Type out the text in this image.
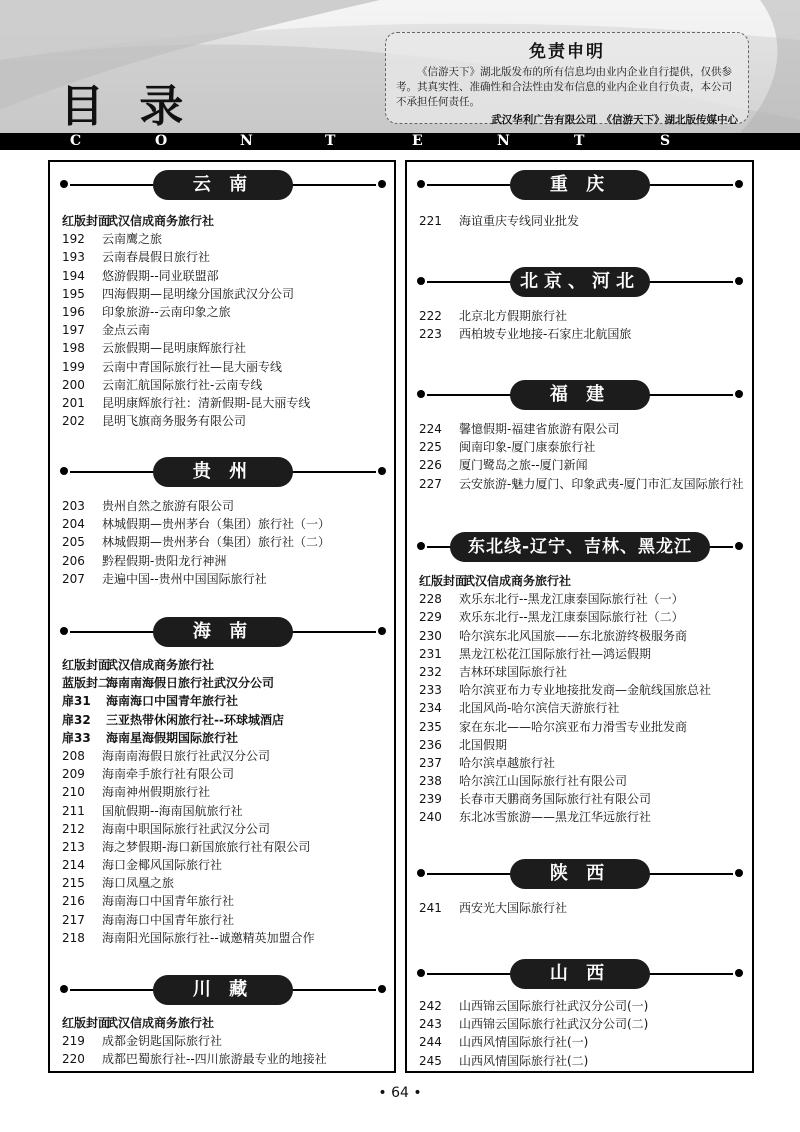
目 录
免责申明
《信游天下》湖北版发布的所有信息均由业内企业自行提供，仅供参考。其真实性、准确性和合法性由发布信息的业内企业自行负责，本公司不承担任何责任。
武汉华利广告有限公司　《信游天下》湖北版传媒中心
C	O	N	T	E	N	T	S
云 南
红版封面武汉信成商务旅行社
192 云南鹰之旅
193 云南春晨假日旅行社
194 悠游假期--同业联盟部
195 四海假期—昆明缘分国旅武汉分公司
196 印象旅游--云南印象之旅
197 金点云南
198 云旅假期—昆明康辉旅行社
199 云南中青国际旅行社—昆大丽专线
200 云南汇航国际旅行社-云南专线
201 昆明康辉旅行社：清新假期-昆大丽专线
202 昆明飞旗商务服务有限公司
贵 州
203 贵州自然之旅游有限公司
204 林城假期—贵州茅台（集团）旅行社（一）
205 林城假期—贵州茅台（集团）旅行社（二）
206 黔程假期-贵阳龙行神洲
207 走遍中国--贵州中国国际旅行社
海 南
红版封面武汉信成商务旅行社
蓝版封二海南南海假日旅行社武汉分公司
扉31 海南海口中国青年旅行社
扉32 三亚热带休闲旅行社--环球城酒店
扉33 海南星海假期国际旅行社
208 海南南海假日旅行社武汉分公司
209 海南牵手旅行社有限公司
210 海南神州假期旅行社
211 国航假期--海南国航旅行社
212 海南中职国际旅行社武汉分公司
213 海之梦假期-海口新国旅旅行社有限公司
214 海口金椰风国际旅行社
215 海口凤凰之旅
216 海南海口中国青年旅行社
217 海南海口中国青年旅行社
218 海南阳光国际旅行社--诚邀精英加盟合作
川 藏
红版封面武汉信成商务旅行社
219 成都金钥匙国际旅行社
220 成都巴蜀旅行社--四川旅游最专业的地接社
重 庆
221 海谊重庆专线同业批发
北京、河北
222 北京北方假期旅行社
223 西柏坡专业地接-石家庄北航国旅
福 建
224 馨憶假期-福建省旅游有限公司
225 闽南印象-厦门康泰旅行社
226 厦门鹭岛之旅--厦门新闻
227 云安旅游-魅力厦门、印象武夷-厦门市汇友国际旅行社
东北线-辽宁、吉林、黑龙江
红版封面武汉信成商务旅行社
228 欢乐东北行--黑龙江康泰国际旅行社（一）
229 欢乐东北行--黑龙江康泰国际旅行社（二）
230 哈尔滨东北风国旅——东北旅游终极服务商
231 黑龙江松花江国际旅行社—鸿运假期
232 吉林环球国际旅行社
233 哈尔滨亚布力专业地接批发商—金航线国旅总社
234 北国风尚-哈尔滨信天游旅行社
235 家在东北——哈尔滨亚布力滑雪专业批发商
236 北国假期
237 哈尔滨卓越旅行社
238 哈尔滨江山国际旅行社有限公司
239 长春市天鹏商务国际旅行社有限公司
240 东北冰雪旅游——黑龙江华远旅行社
陕 西
241 西安光大国际旅行社
山 西
242 山西锦云国际旅行社武汉分公司(一)
243 山西锦云国际旅行社武汉分公司(二)
244 山西风情国际旅行社(一)
245 山西风情国际旅行社(二)
• 64 •
